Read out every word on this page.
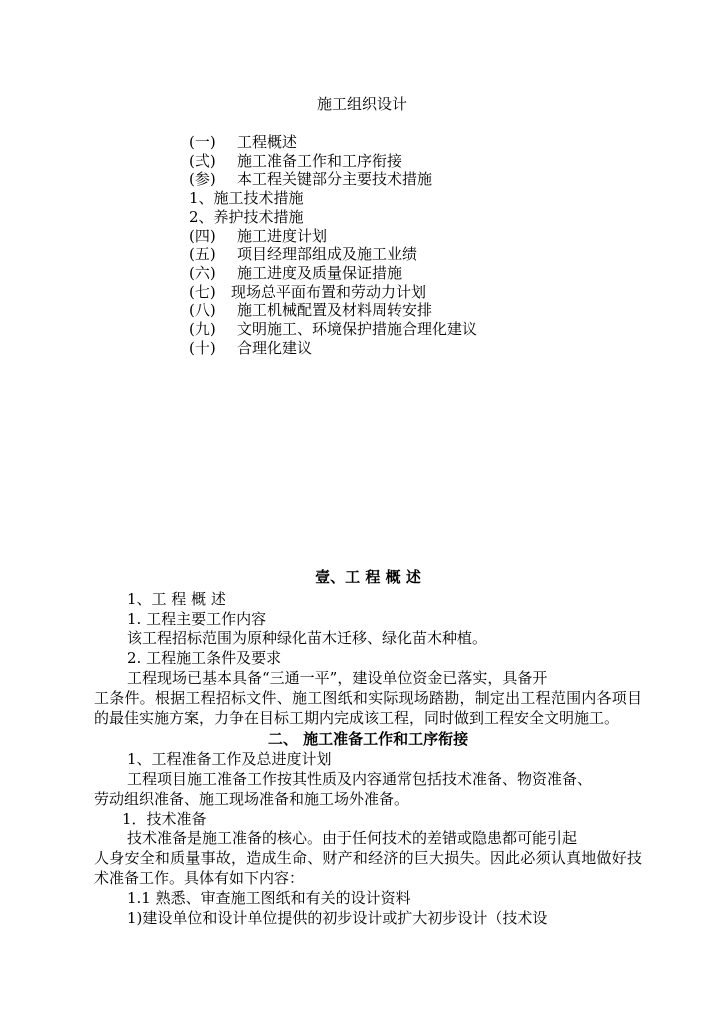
施工组织设计
(一) 工程概述
(弍) 施工准备工作和工序衔接
(参) 本工程关键部分主要技术措施
1、施工技术措施
2、养护技术措施
(四) 施工进度计划
(五) 项目经理部组成及施工业绩
(六) 施工进度及质量保证措施
(七) 现场总平面布置和劳动力计划
(八) 施工机械配置及材料周转安排
(九) 文明施工、环境保护措施合理化建议
(十) 合理化建议

壹、工 程 概 述

1、工 程 概 述

1. 工程主要工作内容

该工程招标范围为原种绿化苗木迁移、绿化苗木种植。

2. 工程施工条件及要求

工程现场已基本具备“三通一平”，建设单位资金已落实，具备开

工条件。根据工程招标文件、施工图纸和实际现场踏勘，制定出工程范围内各项目的最佳实施方案，力争在目标工期内完成该工程，同时做到工程安全文明施工。

二、 施工准备工作和工序衔接

1、工程准备工作及总进度计划

工程项目施工准备工作按其性质及内容通常包括技术准备、物资准备、

劳动组织准备、施工现场准备和施工场外准备。

1．技术准备

技术准备是施工准备的核心。由于任何技术的差错或隐患都可能引起

人身安全和质量事故，造成生命、财产和经济的巨大损失。因此必须认真地做好技术准备工作。具体有如下内容：

1.1 熟悉、审查施工图纸和有关的设计资料

1)建设单位和设计单位提供的初步设计或扩大初步设计（技术设
